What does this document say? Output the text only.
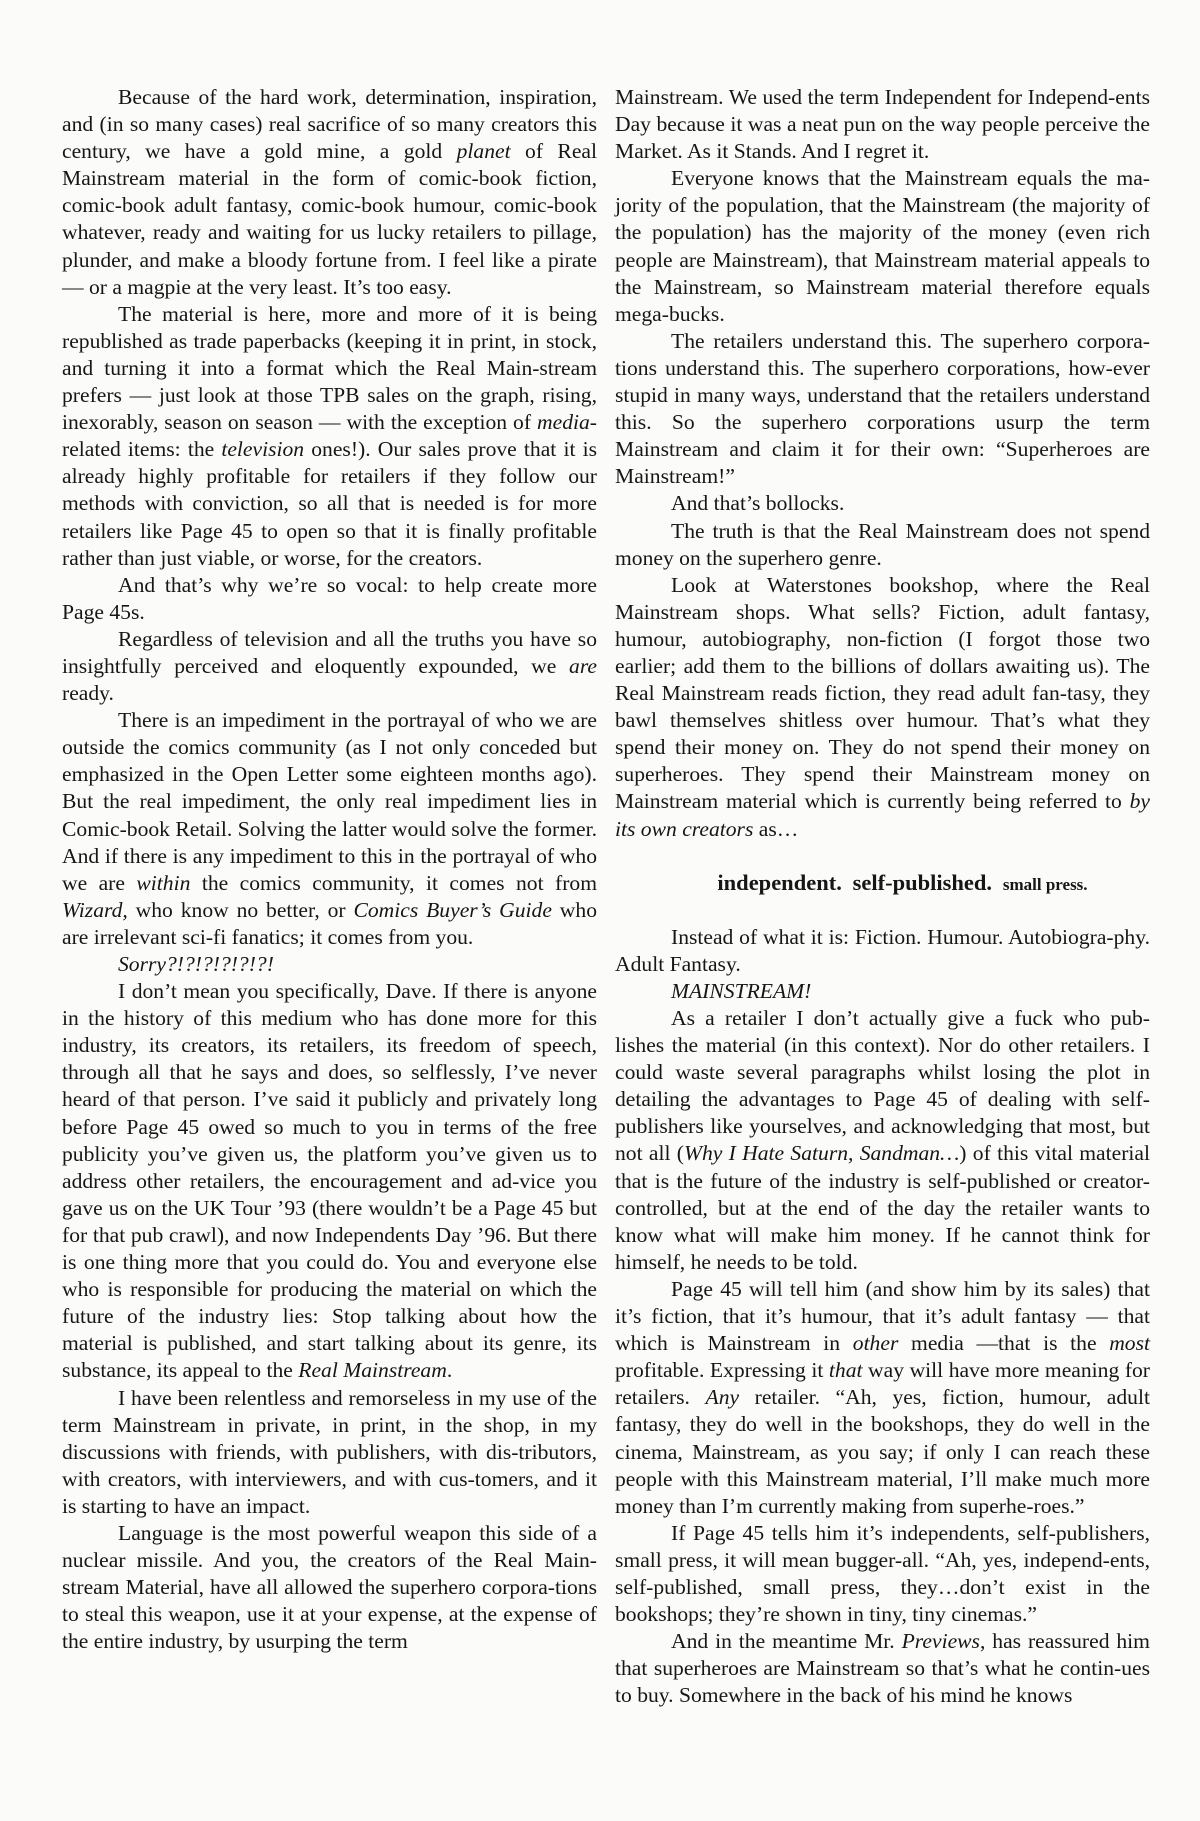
Because of the hard work, determination, inspiration, and (in so many cases) real sacrifice of so many creators this century, we have a gold mine, a gold planet of Real Mainstream material in the form of comic-book fiction, comic-book adult fantasy, comic-book humour, comic-book whatever, ready and waiting for us lucky retailers to pillage, plunder, and make a bloody fortune from. I feel like a pirate — or a magpie at the very least. It’s too easy.

The material is here, more and more of it is being republished as trade paperbacks (keeping it in print, in stock, and turning it into a format which the Real Main-stream prefers — just look at those TPB sales on the graph, rising, inexorably, season on season — with the exception of media-related items: the television ones!). Our sales prove that it is already highly profitable for retailers if they follow our methods with conviction, so all that is needed is for more retailers like Page 45 to open so that it is finally profitable rather than just viable, or worse, for the creators.

And that’s why we’re so vocal: to help create more Page 45s.

Regardless of television and all the truths you have so insightfully perceived and eloquently expounded, we are ready.

There is an impediment in the portrayal of who we are outside the comics community (as I not only conceded but emphasized in the Open Letter some eighteen months ago). But the real impediment, the only real impediment lies in Comic-book Retail. Solving the latter would solve the former. And if there is any impediment to this in the portrayal of who we are within the comics community, it comes not from Wizard, who know no better, or Comics Buyer’s Guide who are irrelevant sci-fi fanatics; it comes from you.

Sorry?!?!?!?!?!?!

I don’t mean you specifically, Dave. If there is anyone in the history of this medium who has done more for this industry, its creators, its retailers, its freedom of speech, through all that he says and does, so selflessly, I’ve never heard of that person. I’ve said it publicly and privately long before Page 45 owed so much to you in terms of the free publicity you’ve given us, the platform you’ve given us to address other retailers, the encouragement and ad-vice you gave us on the UK Tour ’93 (there wouldn’t be a Page 45 but for that pub crawl), and now Independents Day ’96. But there is one thing more that you could do. You and everyone else who is responsible for producing the material on which the future of the industry lies: Stop talking about how the material is published, and start talking about its genre, its substance, its appeal to the Real Mainstream.

I have been relentless and remorseless in my use of the term Mainstream in private, in print, in the shop, in my discussions with friends, with publishers, with dis-tributors, with creators, with interviewers, and with cus-tomers, and it is starting to have an impact.

Language is the most powerful weapon this side of a nuclear missile. And you, the creators of the Real Main-stream Material, have all allowed the superhero corpora-tions to steal this weapon, use it at your expense, at the expense of the entire industry, by usurping the term

Mainstream. We used the term Independent for Independ-ents Day because it was a neat pun on the way people perceive the Market. As it Stands. And I regret it.

Everyone knows that the Mainstream equals the ma-jority of the population, that the Mainstream (the majority of the population) has the majority of the money (even rich people are Mainstream), that Mainstream material appeals to the Mainstream, so Mainstream material therefore equals mega-bucks.

The retailers understand this. The superhero corpora-tions understand this. The superhero corporations, how-ever stupid in many ways, understand that the retailers understand this. So the superhero corporations usurp the term Mainstream and claim it for their own: “Superheroes are Mainstream!”

And that’s bollocks.

The truth is that the Real Mainstream does not spend money on the superhero genre.

Look at Waterstones bookshop, where the Real Mainstream shops. What sells? Fiction, adult fantasy, humour, autobiography, non-fiction (I forgot those two earlier; add them to the billions of dollars awaiting us). The Real Mainstream reads fiction, they read adult fan-tasy, they bawl themselves shitless over humour. That’s what they spend their money on. They do not spend their money on superheroes. They spend their Mainstream money on Mainstream material which is currently being referred to by its own creators as…

independent. self-published. small press.

Instead of what it is: Fiction. Humour. Autobiogra-phy. Adult Fantasy.

MAINSTREAM!

As a retailer I don’t actually give a fuck who pub-lishes the material (in this context). Nor do other retailers. I could waste several paragraphs whilst losing the plot in detailing the advantages to Page 45 of dealing with self-publishers like yourselves, and acknowledging that most, but not all (Why I Hate Saturn, Sandman…) of this vital material that is the future of the industry is self-published or creator-controlled, but at the end of the day the retailer wants to know what will make him money. If he cannot think for himself, he needs to be told.

Page 45 will tell him (and show him by its sales) that it’s fiction, that it’s humour, that it’s adult fantasy — that which is Mainstream in other media —that is the most profitable. Expressing it that way will have more meaning for retailers. Any retailer. “Ah, yes, fiction, humour, adult fantasy, they do well in the bookshops, they do well in the cinema, Mainstream, as you say; if only I can reach these people with this Mainstream material, I’ll make much more money than I’m currently making from superhe-roes.”

If Page 45 tells him it’s independents, self-publishers, small press, it will mean bugger-all. “Ah, yes, independ-ents, self-published, small press, they…don’t exist in the bookshops; they’re shown in tiny, tiny cinemas.”

And in the meantime Mr. Previews, has reassured him that superheroes are Mainstream so that’s what he contin-ues to buy. Somewhere in the back of his mind he knows
